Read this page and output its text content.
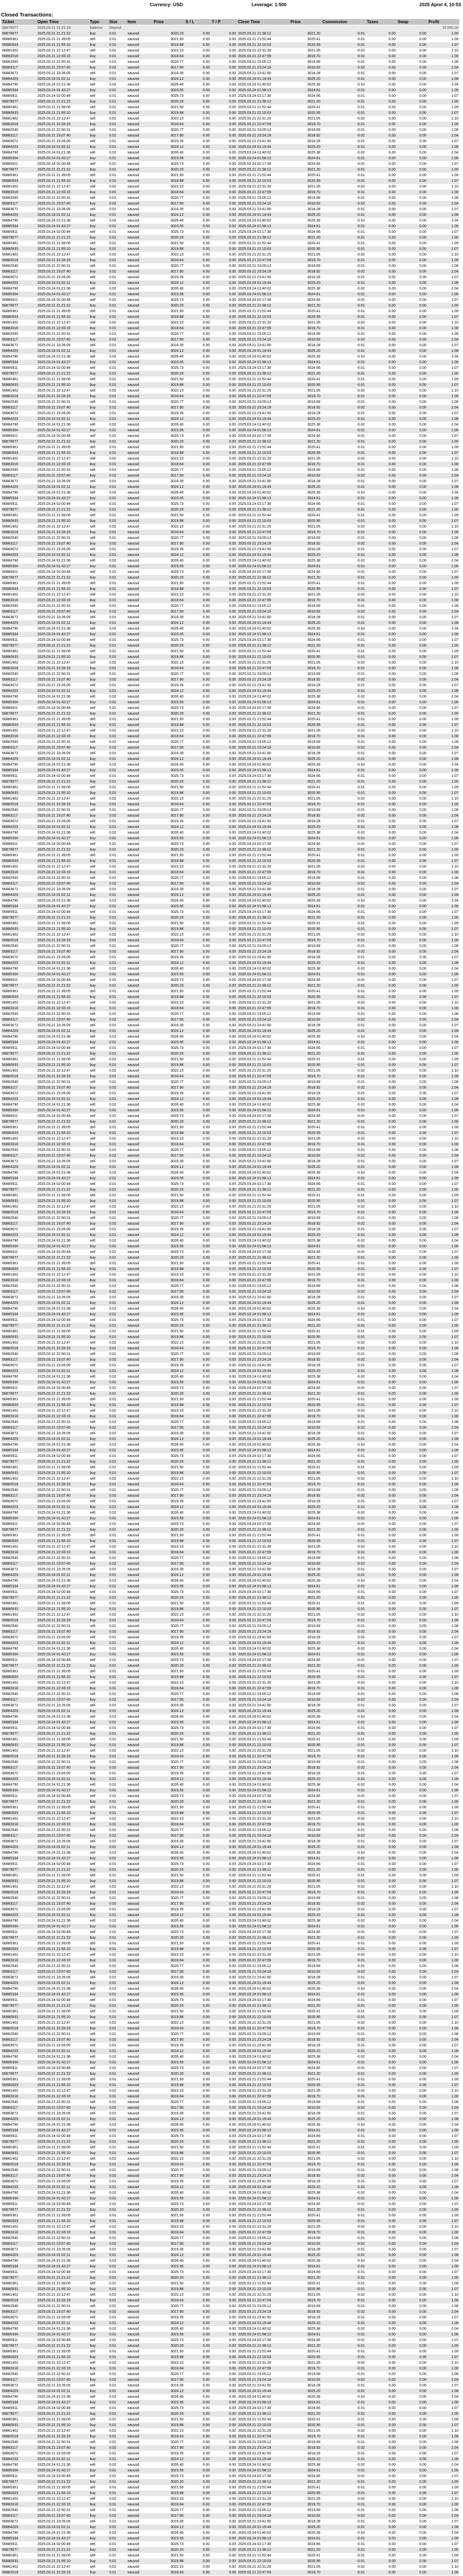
Currency: USD	Leverage: 1:500	2025 Aprel 4, 10:53
Closed Transactions:
Ticket	Open Time	Type	Size	Item	Price	S / L	T / P	Close Time	Price	Commission	Taxes	Swap	Profit
56879577	2025.03.21 21:21:19	balance	Deposit										10 000.00
56879577	2025.03.21 21:21:22	buy	0.01	xauusd	3020.20	0.00	0.00	2025.03.21 21:38:12	3021.20	-0.01	0.00	0.00	1.00
56880361	2025.03.21 21:39:05	sell	0.01	xauusd	3021.50	0.00	0.00	2025.03.21 21:52:44	3020.41	-0.01	0.00	0.00	1.09
56880933	2025.03.21 21:55:10	buy	0.01	xauusd	3019.88	0.00	0.00	2025.03.21 22:10:03	3020.95	-0.01	0.00	0.00	1.07
56881402	2025.03.21 22:12:47	sell	0.02	xauusd	3022.10	0.00	0.00	2025.03.21 22:31:20	3021.05	-0.02	0.00	0.00	2.10
56882018	2025.03.21 22:33:15	buy	0.01	xauusd	3018.64	0.00	0.00	2025.03.21 22:47:59	3019.70	-0.01	0.00	0.00	1.06
56882540	2025.03.21 22:50:31	sell	0.01	xauusd	3020.77	0.00	0.00	2025.03.21 23:05:12	3019.69	-0.01	0.00	0.00	1.08
56883117	2025.03.21 23:07:40	buy	0.02	xauusd	3017.90	0.00	0.00	2025.03.21 23:24:18	3018.92	-0.02	0.00	0.00	2.04
56883672	2025.03.21 23:26:05	sell	0.01	xauusd	3019.35	0.00	0.00	2025.03.21 23:41:50	3018.28	-0.01	0.00	0.00	1.07
56884203	2025.03.24 01:02:11	buy	0.01	xauusd	3024.12	0.00	0.00	2025.03.24 01:19:44	3025.20	-0.01	0.00	0.00	1.08
56884790	2025.03.24 01:21:36	sell	0.02	xauusd	3026.40	0.00	0.00	2025.03.24 01:40:02	3025.38	-0.02	0.00	0.00	2.04
56885334	2025.03.24 01:42:27	buy	0.01	xauusd	3023.55	0.00	0.00	2025.03.24 01:58:13	3024.61	-0.01	0.00	0.00	1.06
56885911	2025.03.24 02:00:48	sell	0.01	xauusd	3025.73	0.00	0.00	2025.03.24 02:17:30	3024.66	-0.01	0.00	0.00	1.07
56879577	2025.03.21 21:21:22	buy	0.01	xauusd	3020.20	0.00	0.00	2025.03.21 21:38:12	3021.20	-0.01	0.00	0.00	1.00
56880361	2025.03.21 21:39:05	sell	0.01	xauusd	3021.50	0.00	0.00	2025.03.21 21:52:44	3020.41	-0.01	0.00	0.00	1.09
56880933	2025.03.21 21:55:10	buy	0.01	xauusd	3019.88	0.00	0.00	2025.03.21 22:10:03	3020.95	-0.01	0.00	0.00	1.07
56881402	2025.03.21 22:12:47	sell	0.02	xauusd	3022.10	0.00	0.00	2025.03.21 22:31:20	3021.05	-0.02	0.00	0.00	2.10
56882018	2025.03.21 22:33:15	buy	0.01	xauusd	3018.64	0.00	0.00	2025.03.21 22:47:59	3019.70	-0.01	0.00	0.00	1.06
56882540	2025.03.21 22:50:31	sell	0.01	xauusd	3020.77	0.00	0.00	2025.03.21 23:05:12	3019.69	-0.01	0.00	0.00	1.08
56883117	2025.03.21 23:07:40	buy	0.02	xauusd	3017.90	0.00	0.00	2025.03.21 23:24:18	3018.92	-0.02	0.00	0.00	2.04
56883672	2025.03.21 23:26:05	sell	0.01	xauusd	3019.35	0.00	0.00	2025.03.21 23:41:50	3018.28	-0.01	0.00	0.00	1.07
56884203	2025.03.24 01:02:11	buy	0.01	xauusd	3024.12	0.00	0.00	2025.03.24 01:19:44	3025.20	-0.01	0.00	0.00	1.08
56884790	2025.03.24 01:21:36	sell	0.02	xauusd	3026.40	0.00	0.00	2025.03.24 01:40:02	3025.38	-0.02	0.00	0.00	2.04
56885334	2025.03.24 01:42:27	buy	0.01	xauusd	3023.55	0.00	0.00	2025.03.24 01:58:13	3024.61	-0.01	0.00	0.00	1.06
56885911	2025.03.24 02:00:48	sell	0.01	xauusd	3025.73	0.00	0.00	2025.03.24 02:17:30	3024.66	-0.01	0.00	0.00	1.07
56879577	2025.03.21 21:21:22	buy	0.01	xauusd	3020.20	0.00	0.00	2025.03.21 21:38:12	3021.20	-0.01	0.00	0.00	1.00
56880361	2025.03.21 21:39:05	sell	0.01	xauusd	3021.50	0.00	0.00	2025.03.21 21:52:44	3020.41	-0.01	0.00	0.00	1.09
56880933	2025.03.21 21:55:10	buy	0.01	xauusd	3019.88	0.00	0.00	2025.03.21 22:10:03	3020.95	-0.01	0.00	0.00	1.07
56881402	2025.03.21 22:12:47	sell	0.02	xauusd	3022.10	0.00	0.00	2025.03.21 22:31:20	3021.05	-0.02	0.00	0.00	2.10
56882018	2025.03.21 22:33:15	buy	0.01	xauusd	3018.64	0.00	0.00	2025.03.21 22:47:59	3019.70	-0.01	0.00	0.00	1.06
56882540	2025.03.21 22:50:31	sell	0.01	xauusd	3020.77	0.00	0.00	2025.03.21 23:05:12	3019.69	-0.01	0.00	0.00	1.08
56883117	2025.03.21 23:07:40	buy	0.02	xauusd	3017.90	0.00	0.00	2025.03.21 23:24:18	3018.92	-0.02	0.00	0.00	2.04
56883672	2025.03.21 23:26:05	sell	0.01	xauusd	3019.35	0.00	0.00	2025.03.21 23:41:50	3018.28	-0.01	0.00	0.00	1.07
56884203	2025.03.24 01:02:11	buy	0.01	xauusd	3024.12	0.00	0.00	2025.03.24 01:19:44	3025.20	-0.01	0.00	0.00	1.08
56884790	2025.03.24 01:21:36	sell	0.02	xauusd	3026.40	0.00	0.00	2025.03.24 01:40:02	3025.38	-0.02	0.00	0.00	2.04
56885334	2025.03.24 01:42:27	buy	0.01	xauusd	3023.55	0.00	0.00	2025.03.24 01:58:13	3024.61	-0.01	0.00	0.00	1.06
56885911	2025.03.24 02:00:48	sell	0.01	xauusd	3025.73	0.00	0.00	2025.03.24 02:17:30	3024.66	-0.01	0.00	0.00	1.07
56879577	2025.03.21 21:21:22	buy	0.01	xauusd	3020.20	0.00	0.00	2025.03.21 21:38:12	3021.20	-0.01	0.00	0.00	1.00
56880361	2025.03.21 21:39:05	sell	0.01	xauusd	3021.50	0.00	0.00	2025.03.21 21:52:44	3020.41	-0.01	0.00	0.00	1.09
56880933	2025.03.21 21:55:10	buy	0.01	xauusd	3019.88	0.00	0.00	2025.03.21 22:10:03	3020.95	-0.01	0.00	0.00	1.07
56881402	2025.03.21 22:12:47	sell	0.02	xauusd	3022.10	0.00	0.00	2025.03.21 22:31:20	3021.05	-0.02	0.00	0.00	2.10
56882018	2025.03.21 22:33:15	buy	0.01	xauusd	3018.64	0.00	0.00	2025.03.21 22:47:59	3019.70	-0.01	0.00	0.00	1.06
56882540	2025.03.21 22:50:31	sell	0.01	xauusd	3020.77	0.00	0.00	2025.03.21 23:05:12	3019.69	-0.01	0.00	0.00	1.08
56883117	2025.03.21 23:07:40	buy	0.02	xauusd	3017.90	0.00	0.00	2025.03.21 23:24:18	3018.92	-0.02	0.00	0.00	2.04
56883672	2025.03.21 23:26:05	sell	0.01	xauusd	3019.35	0.00	0.00	2025.03.21 23:41:50	3018.28	-0.01	0.00	0.00	1.07
56884203	2025.03.24 01:02:11	buy	0.01	xauusd	3024.12	0.00	0.00	2025.03.24 01:19:44	3025.20	-0.01	0.00	0.00	1.08
56884790	2025.03.24 01:21:36	sell	0.02	xauusd	3026.40	0.00	0.00	2025.03.24 01:40:02	3025.38	-0.02	0.00	0.00	2.04
56885334	2025.03.24 01:42:27	buy	0.01	xauusd	3023.55	0.00	0.00	2025.03.24 01:58:13	3024.61	-0.01	0.00	0.00	1.06
56885911	2025.03.24 02:00:48	sell	0.01	xauusd	3025.73	0.00	0.00	2025.03.24 02:17:30	3024.66	-0.01	0.00	0.00	1.07
56879577	2025.03.21 21:21:22	buy	0.01	xauusd	3020.20	0.00	0.00	2025.03.21 21:38:12	3021.20	-0.01	0.00	0.00	1.00
56880361	2025.03.21 21:39:05	sell	0.01	xauusd	3021.50	0.00	0.00	2025.03.21 21:52:44	3020.41	-0.01	0.00	0.00	1.09
56880933	2025.03.21 21:55:10	buy	0.01	xauusd	3019.88	0.00	0.00	2025.03.21 22:10:03	3020.95	-0.01	0.00	0.00	1.07
56881402	2025.03.21 22:12:47	sell	0.02	xauusd	3022.10	0.00	0.00	2025.03.21 22:31:20	3021.05	-0.02	0.00	0.00	2.10
56882018	2025.03.21 22:33:15	buy	0.01	xauusd	3018.64	0.00	0.00	2025.03.21 22:47:59	3019.70	-0.01	0.00	0.00	1.06
56882540	2025.03.21 22:50:31	sell	0.01	xauusd	3020.77	0.00	0.00	2025.03.21 23:05:12	3019.69	-0.01	0.00	0.00	1.08
56883117	2025.03.21 23:07:40	buy	0.02	xauusd	3017.90	0.00	0.00	2025.03.21 23:24:18	3018.92	-0.02	0.00	0.00	2.04
56883672	2025.03.21 23:26:05	sell	0.01	xauusd	3019.35	0.00	0.00	2025.03.21 23:41:50	3018.28	-0.01	0.00	0.00	1.07
56884203	2025.03.24 01:02:11	buy	0.01	xauusd	3024.12	0.00	0.00	2025.03.24 01:19:44	3025.20	-0.01	0.00	0.00	1.08
56884790	2025.03.24 01:21:36	sell	0.02	xauusd	3026.40	0.00	0.00	2025.03.24 01:40:02	3025.38	-0.02	0.00	0.00	2.04
56885334	2025.03.24 01:42:27	buy	0.01	xauusd	3023.55	0.00	0.00	2025.03.24 01:58:13	3024.61	-0.01	0.00	0.00	1.06
56885911	2025.03.24 02:00:48	sell	0.01	xauusd	3025.73	0.00	0.00	2025.03.24 02:17:30	3024.66	-0.01	0.00	0.00	1.07
56879577	2025.03.21 21:21:22	buy	0.01	xauusd	3020.20	0.00	0.00	2025.03.21 21:38:12	3021.20	-0.01	0.00	0.00	1.00
56880361	2025.03.21 21:39:05	sell	0.01	xauusd	3021.50	0.00	0.00	2025.03.21 21:52:44	3020.41	-0.01	0.00	0.00	1.09
56880933	2025.03.21 21:55:10	buy	0.01	xauusd	3019.88	0.00	0.00	2025.03.21 22:10:03	3020.95	-0.01	0.00	0.00	1.07
56881402	2025.03.21 22:12:47	sell	0.02	xauusd	3022.10	0.00	0.00	2025.03.21 22:31:20	3021.05	-0.02	0.00	0.00	2.10
56882018	2025.03.21 22:33:15	buy	0.01	xauusd	3018.64	0.00	0.00	2025.03.21 22:47:59	3019.70	-0.01	0.00	0.00	1.06
56882540	2025.03.21 22:50:31	sell	0.01	xauusd	3020.77	0.00	0.00	2025.03.21 23:05:12	3019.69	-0.01	0.00	0.00	1.08
56883117	2025.03.21 23:07:40	buy	0.02	xauusd	3017.90	0.00	0.00	2025.03.21 23:24:18	3018.92	-0.02	0.00	0.00	2.04
56883672	2025.03.21 23:26:05	sell	0.01	xauusd	3019.35	0.00	0.00	2025.03.21 23:41:50	3018.28	-0.01	0.00	0.00	1.07
56884203	2025.03.24 01:02:11	buy	0.01	xauusd	3024.12	0.00	0.00	2025.03.24 01:19:44	3025.20	-0.01	0.00	0.00	1.08
56884790	2025.03.24 01:21:36	sell	0.02	xauusd	3026.40	0.00	0.00	2025.03.24 01:40:02	3025.38	-0.02	0.00	0.00	2.04
56885334	2025.03.24 01:42:27	buy	0.01	xauusd	3023.55	0.00	0.00	2025.03.24 01:58:13	3024.61	-0.01	0.00	0.00	1.06
56885911	2025.03.24 02:00:48	sell	0.01	xauusd	3025.73	0.00	0.00	2025.03.24 02:17:30	3024.66	-0.01	0.00	0.00	1.07
56879577	2025.03.21 21:21:22	buy	0.01	xauusd	3020.20	0.00	0.00	2025.03.21 21:38:12	3021.20	-0.01	0.00	0.00	1.00
56880361	2025.03.21 21:39:05	sell	0.01	xauusd	3021.50	0.00	0.00	2025.03.21 21:52:44	3020.41	-0.01	0.00	0.00	1.09
56880933	2025.03.21 21:55:10	buy	0.01	xauusd	3019.88	0.00	0.00	2025.03.21 22:10:03	3020.95	-0.01	0.00	0.00	1.07
56881402	2025.03.21 22:12:47	sell	0.02	xauusd	3022.10	0.00	0.00	2025.03.21 22:31:20	3021.05	-0.02	0.00	0.00	2.10
56882018	2025.03.21 22:33:15	buy	0.01	xauusd	3018.64	0.00	0.00	2025.03.21 22:47:59	3019.70	-0.01	0.00	0.00	1.06
56882540	2025.03.21 22:50:31	sell	0.01	xauusd	3020.77	0.00	0.00	2025.03.21 23:05:12	3019.69	-0.01	0.00	0.00	1.08
56883117	2025.03.21 23:07:40	buy	0.02	xauusd	3017.90	0.00	0.00	2025.03.21 23:24:18	3018.92	-0.02	0.00	0.00	2.04
56883672	2025.03.21 23:26:05	sell	0.01	xauusd	3019.35	0.00	0.00	2025.03.21 23:41:50	3018.28	-0.01	0.00	0.00	1.07
56884203	2025.03.24 01:02:11	buy	0.01	xauusd	3024.12	0.00	0.00	2025.03.24 01:19:44	3025.20	-0.01	0.00	0.00	1.08
56884790	2025.03.24 01:21:36	sell	0.02	xauusd	3026.40	0.00	0.00	2025.03.24 01:40:02	3025.38	-0.02	0.00	0.00	2.04
56885334	2025.03.24 01:42:27	buy	0.01	xauusd	3023.55	0.00	0.00	2025.03.24 01:58:13	3024.61	-0.01	0.00	0.00	1.06
56885911	2025.03.24 02:00:48	sell	0.01	xauusd	3025.73	0.00	0.00	2025.03.24 02:17:30	3024.66	-0.01	0.00	0.00	1.07
56879577	2025.03.21 21:21:22	buy	0.01	xauusd	3020.20	0.00	0.00	2025.03.21 21:38:12	3021.20	-0.01	0.00	0.00	1.00
56880361	2025.03.21 21:39:05	sell	0.01	xauusd	3021.50	0.00	0.00	2025.03.21 21:52:44	3020.41	-0.01	0.00	0.00	1.09
56880933	2025.03.21 21:55:10	buy	0.01	xauusd	3019.88	0.00	0.00	2025.03.21 22:10:03	3020.95	-0.01	0.00	0.00	1.07
56881402	2025.03.21 22:12:47	sell	0.02	xauusd	3022.10	0.00	0.00	2025.03.21 22:31:20	3021.05	-0.02	0.00	0.00	2.10
56882018	2025.03.21 22:33:15	buy	0.01	xauusd	3018.64	0.00	0.00	2025.03.21 22:47:59	3019.70	-0.01	0.00	0.00	1.06
56882540	2025.03.21 22:50:31	sell	0.01	xauusd	3020.77	0.00	0.00	2025.03.21 23:05:12	3019.69	-0.01	0.00	0.00	1.08
56883117	2025.03.21 23:07:40	buy	0.02	xauusd	3017.90	0.00	0.00	2025.03.21 23:24:18	3018.92	-0.02	0.00	0.00	2.04
56883672	2025.03.21 23:26:05	sell	0.01	xauusd	3019.35	0.00	0.00	2025.03.21 23:41:50	3018.28	-0.01	0.00	0.00	1.07
56884203	2025.03.24 01:02:11	buy	0.01	xauusd	3024.12	0.00	0.00	2025.03.24 01:19:44	3025.20	-0.01	0.00	0.00	1.08
56884790	2025.03.24 01:21:36	sell	0.02	xauusd	3026.40	0.00	0.00	2025.03.24 01:40:02	3025.38	-0.02	0.00	0.00	2.04
56885334	2025.03.24 01:42:27	buy	0.01	xauusd	3023.55	0.00	0.00	2025.03.24 01:58:13	3024.61	-0.01	0.00	0.00	1.06
56885911	2025.03.24 02:00:48	sell	0.01	xauusd	3025.73	0.00	0.00	2025.03.24 02:17:30	3024.66	-0.01	0.00	0.00	1.07
56879577	2025.03.21 21:21:22	buy	0.01	xauusd	3020.20	0.00	0.00	2025.03.21 21:38:12	3021.20	-0.01	0.00	0.00	1.00
56880361	2025.03.21 21:39:05	sell	0.01	xauusd	3021.50	0.00	0.00	2025.03.21 21:52:44	3020.41	-0.01	0.00	0.00	1.09
56880933	2025.03.21 21:55:10	buy	0.01	xauusd	3019.88	0.00	0.00	2025.03.21 22:10:03	3020.95	-0.01	0.00	0.00	1.07
56881402	2025.03.21 22:12:47	sell	0.02	xauusd	3022.10	0.00	0.00	2025.03.21 22:31:20	3021.05	-0.02	0.00	0.00	2.10
56882018	2025.03.21 22:33:15	buy	0.01	xauusd	3018.64	0.00	0.00	2025.03.21 22:47:59	3019.70	-0.01	0.00	0.00	1.06
56882540	2025.03.21 22:50:31	sell	0.01	xauusd	3020.77	0.00	0.00	2025.03.21 23:05:12	3019.69	-0.01	0.00	0.00	1.08
56883117	2025.03.21 23:07:40	buy	0.02	xauusd	3017.90	0.00	0.00	2025.03.21 23:24:18	3018.92	-0.02	0.00	0.00	2.04
56883672	2025.03.21 23:26:05	sell	0.01	xauusd	3019.35	0.00	0.00	2025.03.21 23:41:50	3018.28	-0.01	0.00	0.00	1.07
56884203	2025.03.24 01:02:11	buy	0.01	xauusd	3024.12	0.00	0.00	2025.03.24 01:19:44	3025.20	-0.01	0.00	0.00	1.08
56884790	2025.03.24 01:21:36	sell	0.02	xauusd	3026.40	0.00	0.00	2025.03.24 01:40:02	3025.38	-0.02	0.00	0.00	2.04
56885334	2025.03.24 01:42:27	buy	0.01	xauusd	3023.55	0.00	0.00	2025.03.24 01:58:13	3024.61	-0.01	0.00	0.00	1.06
56885911	2025.03.24 02:00:48	sell	0.01	xauusd	3025.73	0.00	0.00	2025.03.24 02:17:30	3024.66	-0.01	0.00	0.00	1.07
56879577	2025.03.21 21:21:22	buy	0.01	xauusd	3020.20	0.00	0.00	2025.03.21 21:38:12	3021.20	-0.01	0.00	0.00	1.00
56880361	2025.03.21 21:39:05	sell	0.01	xauusd	3021.50	0.00	0.00	2025.03.21 21:52:44	3020.41	-0.01	0.00	0.00	1.09
56880933	2025.03.21 21:55:10	buy	0.01	xauusd	3019.88	0.00	0.00	2025.03.21 22:10:03	3020.95	-0.01	0.00	0.00	1.07
56881402	2025.03.21 22:12:47	sell	0.02	xauusd	3022.10	0.00	0.00	2025.03.21 22:31:20	3021.05	-0.02	0.00	0.00	2.10
56882018	2025.03.21 22:33:15	buy	0.01	xauusd	3018.64	0.00	0.00	2025.03.21 22:47:59	3019.70	-0.01	0.00	0.00	1.06
56882540	2025.03.21 22:50:31	sell	0.01	xauusd	3020.77	0.00	0.00	2025.03.21 23:05:12	3019.69	-0.01	0.00	0.00	1.08
56883117	2025.03.21 23:07:40	buy	0.02	xauusd	3017.90	0.00	0.00	2025.03.21 23:24:18	3018.92	-0.02	0.00	0.00	2.04
56883672	2025.03.21 23:26:05	sell	0.01	xauusd	3019.35	0.00	0.00	2025.03.21 23:41:50	3018.28	-0.01	0.00	0.00	1.07
56884203	2025.03.24 01:02:11	buy	0.01	xauusd	3024.12	0.00	0.00	2025.03.24 01:19:44	3025.20	-0.01	0.00	0.00	1.08
56884790	2025.03.24 01:21:36	sell	0.02	xauusd	3026.40	0.00	0.00	2025.03.24 01:40:02	3025.38	-0.02	0.00	0.00	2.04
56885334	2025.03.24 01:42:27	buy	0.01	xauusd	3023.55	0.00	0.00	2025.03.24 01:58:13	3024.61	-0.01	0.00	0.00	1.06
56885911	2025.03.24 02:00:48	sell	0.01	xauusd	3025.73	0.00	0.00	2025.03.24 02:17:30	3024.66	-0.01	0.00	0.00	1.07
56879577	2025.03.21 21:21:22	buy	0.01	xauusd	3020.20	0.00	0.00	2025.03.21 21:38:12	3021.20	-0.01	0.00	0.00	1.00
56880361	2025.03.21 21:39:05	sell	0.01	xauusd	3021.50	0.00	0.00	2025.03.21 21:52:44	3020.41	-0.01	0.00	0.00	1.09
56880933	2025.03.21 21:55:10	buy	0.01	xauusd	3019.88	0.00	0.00	2025.03.21 22:10:03	3020.95	-0.01	0.00	0.00	1.07
56881402	2025.03.21 22:12:47	sell	0.02	xauusd	3022.10	0.00	0.00	2025.03.21 22:31:20	3021.05	-0.02	0.00	0.00	2.10
56882018	2025.03.21 22:33:15	buy	0.01	xauusd	3018.64	0.00	0.00	2025.03.21 22:47:59	3019.70	-0.01	0.00	0.00	1.06
56882540	2025.03.21 22:50:31	sell	0.01	xauusd	3020.77	0.00	0.00	2025.03.21 23:05:12	3019.69	-0.01	0.00	0.00	1.08
56883117	2025.03.21 23:07:40	buy	0.02	xauusd	3017.90	0.00	0.00	2025.03.21 23:24:18	3018.92	-0.02	0.00	0.00	2.04
56883672	2025.03.21 23:26:05	sell	0.01	xauusd	3019.35	0.00	0.00	2025.03.21 23:41:50	3018.28	-0.01	0.00	0.00	1.07
56884203	2025.03.24 01:02:11	buy	0.01	xauusd	3024.12	0.00	0.00	2025.03.24 01:19:44	3025.20	-0.01	0.00	0.00	1.08
56884790	2025.03.24 01:21:36	sell	0.02	xauusd	3026.40	0.00	0.00	2025.03.24 01:40:02	3025.38	-0.02	0.00	0.00	2.04
56885334	2025.03.24 01:42:27	buy	0.01	xauusd	3023.55	0.00	0.00	2025.03.24 01:58:13	3024.61	-0.01	0.00	0.00	1.06
56885911	2025.03.24 02:00:48	sell	0.01	xauusd	3025.73	0.00	0.00	2025.03.24 02:17:30	3024.66	-0.01	0.00	0.00	1.07
56879577	2025.03.21 21:21:22	buy	0.01	xauusd	3020.20	0.00	0.00	2025.03.21 21:38:12	3021.20	-0.01	0.00	0.00	1.00
56880361	2025.03.21 21:39:05	sell	0.01	xauusd	3021.50	0.00	0.00	2025.03.21 21:52:44	3020.41	-0.01	0.00	0.00	1.09
56880933	2025.03.21 21:55:10	buy	0.01	xauusd	3019.88	0.00	0.00	2025.03.21 22:10:03	3020.95	-0.01	0.00	0.00	1.07
56881402	2025.03.21 22:12:47	sell	0.02	xauusd	3022.10	0.00	0.00	2025.03.21 22:31:20	3021.05	-0.02	0.00	0.00	2.10
56882018	2025.03.21 22:33:15	buy	0.01	xauusd	3018.64	0.00	0.00	2025.03.21 22:47:59	3019.70	-0.01	0.00	0.00	1.06
56882540	2025.03.21 22:50:31	sell	0.01	xauusd	3020.77	0.00	0.00	2025.03.21 23:05:12	3019.69	-0.01	0.00	0.00	1.08
56883117	2025.03.21 23:07:40	buy	0.02	xauusd	3017.90	0.00	0.00	2025.03.21 23:24:18	3018.92	-0.02	0.00	0.00	2.04
56883672	2025.03.21 23:26:05	sell	0.01	xauusd	3019.35	0.00	0.00	2025.03.21 23:41:50	3018.28	-0.01	0.00	0.00	1.07
56884203	2025.03.24 01:02:11	buy	0.01	xauusd	3024.12	0.00	0.00	2025.03.24 01:19:44	3025.20	-0.01	0.00	0.00	1.08
56884790	2025.03.24 01:21:36	sell	0.02	xauusd	3026.40	0.00	0.00	2025.03.24 01:40:02	3025.38	-0.02	0.00	0.00	2.04
56885334	2025.03.24 01:42:27	buy	0.01	xauusd	3023.55	0.00	0.00	2025.03.24 01:58:13	3024.61	-0.01	0.00	0.00	1.06
56885911	2025.03.24 02:00:48	sell	0.01	xauusd	3025.73	0.00	0.00	2025.03.24 02:17:30	3024.66	-0.01	0.00	0.00	1.07
56879577	2025.03.21 21:21:22	buy	0.01	xauusd	3020.20	0.00	0.00	2025.03.21 21:38:12	3021.20	-0.01	0.00	0.00	1.00
56880361	2025.03.21 21:39:05	sell	0.01	xauusd	3021.50	0.00	0.00	2025.03.21 21:52:44	3020.41	-0.01	0.00	0.00	1.09
56880933	2025.03.21 21:55:10	buy	0.01	xauusd	3019.88	0.00	0.00	2025.03.21 22:10:03	3020.95	-0.01	0.00	0.00	1.07
56881402	2025.03.21 22:12:47	sell	0.02	xauusd	3022.10	0.00	0.00	2025.03.21 22:31:20	3021.05	-0.02	0.00	0.00	2.10
56882018	2025.03.21 22:33:15	buy	0.01	xauusd	3018.64	0.00	0.00	2025.03.21 22:47:59	3019.70	-0.01	0.00	0.00	1.06
56882540	2025.03.21 22:50:31	sell	0.01	xauusd	3020.77	0.00	0.00	2025.03.21 23:05:12	3019.69	-0.01	0.00	0.00	1.08
56883117	2025.03.21 23:07:40	buy	0.02	xauusd	3017.90	0.00	0.00	2025.03.21 23:24:18	3018.92	-0.02	0.00	0.00	2.04
56883672	2025.03.21 23:26:05	sell	0.01	xauusd	3019.35	0.00	0.00	2025.03.21 23:41:50	3018.28	-0.01	0.00	0.00	1.07
56884203	2025.03.24 01:02:11	buy	0.01	xauusd	3024.12	0.00	0.00	2025.03.24 01:19:44	3025.20	-0.01	0.00	0.00	1.08
56884790	2025.03.24 01:21:36	sell	0.02	xauusd	3026.40	0.00	0.00	2025.03.24 01:40:02	3025.38	-0.02	0.00	0.00	2.04
56885334	2025.03.24 01:42:27	buy	0.01	xauusd	3023.55	0.00	0.00	2025.03.24 01:58:13	3024.61	-0.01	0.00	0.00	1.06
56885911	2025.03.24 02:00:48	sell	0.01	xauusd	3025.73	0.00	0.00	2025.03.24 02:17:30	3024.66	-0.01	0.00	0.00	1.07
56879577	2025.03.21 21:21:22	buy	0.01	xauusd	3020.20	0.00	0.00	2025.03.21 21:38:12	3021.20	-0.01	0.00	0.00	1.00
56880361	2025.03.21 21:39:05	sell	0.01	xauusd	3021.50	0.00	0.00	2025.03.21 21:52:44	3020.41	-0.01	0.00	0.00	1.09
56880933	2025.03.21 21:55:10	buy	0.01	xauusd	3019.88	0.00	0.00	2025.03.21 22:10:03	3020.95	-0.01	0.00	0.00	1.07
56881402	2025.03.21 22:12:47	sell	0.02	xauusd	3022.10	0.00	0.00	2025.03.21 22:31:20	3021.05	-0.02	0.00	0.00	2.10
56882018	2025.03.21 22:33:15	buy	0.01	xauusd	3018.64	0.00	0.00	2025.03.21 22:47:59	3019.70	-0.01	0.00	0.00	1.06
56882540	2025.03.21 22:50:31	sell	0.01	xauusd	3020.77	0.00	0.00	2025.03.21 23:05:12	3019.69	-0.01	0.00	0.00	1.08
56883117	2025.03.21 23:07:40	buy	0.02	xauusd	3017.90	0.00	0.00	2025.03.21 23:24:18	3018.92	-0.02	0.00	0.00	2.04
56883672	2025.03.21 23:26:05	sell	0.01	xauusd	3019.35	0.00	0.00	2025.03.21 23:41:50	3018.28	-0.01	0.00	0.00	1.07
56884203	2025.03.24 01:02:11	buy	0.01	xauusd	3024.12	0.00	0.00	2025.03.24 01:19:44	3025.20	-0.01	0.00	0.00	1.08
56884790	2025.03.24 01:21:36	sell	0.02	xauusd	3026.40	0.00	0.00	2025.03.24 01:40:02	3025.38	-0.02	0.00	0.00	2.04
56885334	2025.03.24 01:42:27	buy	0.01	xauusd	3023.55	0.00	0.00	2025.03.24 01:58:13	3024.61	-0.01	0.00	0.00	1.06
56885911	2025.03.24 02:00:48	sell	0.01	xauusd	3025.73	0.00	0.00	2025.03.24 02:17:30	3024.66	-0.01	0.00	0.00	1.07
56879577	2025.03.21 21:21:22	buy	0.01	xauusd	3020.20	0.00	0.00	2025.03.21 21:38:12	3021.20	-0.01	0.00	0.00	1.00
56880361	2025.03.21 21:39:05	sell	0.01	xauusd	3021.50	0.00	0.00	2025.03.21 21:52:44	3020.41	-0.01	0.00	0.00	1.09
56880933	2025.03.21 21:55:10	buy	0.01	xauusd	3019.88	0.00	0.00	2025.03.21 22:10:03	3020.95	-0.01	0.00	0.00	1.07
56881402	2025.03.21 22:12:47	sell	0.02	xauusd	3022.10	0.00	0.00	2025.03.21 22:31:20	3021.05	-0.02	0.00	0.00	2.10
56882018	2025.03.21 22:33:15	buy	0.01	xauusd	3018.64	0.00	0.00	2025.03.21 22:47:59	3019.70	-0.01	0.00	0.00	1.06
56882540	2025.03.21 22:50:31	sell	0.01	xauusd	3020.77	0.00	0.00	2025.03.21 23:05:12	3019.69	-0.01	0.00	0.00	1.08
56883117	2025.03.21 23:07:40	buy	0.02	xauusd	3017.90	0.00	0.00	2025.03.21 23:24:18	3018.92	-0.02	0.00	0.00	2.04
56883672	2025.03.21 23:26:05	sell	0.01	xauusd	3019.35	0.00	0.00	2025.03.21 23:41:50	3018.28	-0.01	0.00	0.00	1.07
56884203	2025.03.24 01:02:11	buy	0.01	xauusd	3024.12	0.00	0.00	2025.03.24 01:19:44	3025.20	-0.01	0.00	0.00	1.08
56884790	2025.03.24 01:21:36	sell	0.02	xauusd	3026.40	0.00	0.00	2025.03.24 01:40:02	3025.38	-0.02	0.00	0.00	2.04
56885334	2025.03.24 01:42:27	buy	0.01	xauusd	3023.55	0.00	0.00	2025.03.24 01:58:13	3024.61	-0.01	0.00	0.00	1.06
56885911	2025.03.24 02:00:48	sell	0.01	xauusd	3025.73	0.00	0.00	2025.03.24 02:17:30	3024.66	-0.01	0.00	0.00	1.07
56879577	2025.03.21 21:21:22	buy	0.01	xauusd	3020.20	0.00	0.00	2025.03.21 21:38:12	3021.20	-0.01	0.00	0.00	1.00
56880361	2025.03.21 21:39:05	sell	0.01	xauusd	3021.50	0.00	0.00	2025.03.21 21:52:44	3020.41	-0.01	0.00	0.00	1.09
56880933	2025.03.21 21:55:10	buy	0.01	xauusd	3019.88	0.00	0.00	2025.03.21 22:10:03	3020.95	-0.01	0.00	0.00	1.07
56881402	2025.03.21 22:12:47	sell	0.02	xauusd	3022.10	0.00	0.00	2025.03.21 22:31:20	3021.05	-0.02	0.00	0.00	2.10
56882018	2025.03.21 22:33:15	buy	0.01	xauusd	3018.64	0.00	0.00	2025.03.21 22:47:59	3019.70	-0.01	0.00	0.00	1.06
56882540	2025.03.21 22:50:31	sell	0.01	xauusd	3020.77	0.00	0.00	2025.03.21 23:05:12	3019.69	-0.01	0.00	0.00	1.08
56883117	2025.03.21 23:07:40	buy	0.02	xauusd	3017.90	0.00	0.00	2025.03.21 23:24:18	3018.92	-0.02	0.00	0.00	2.04
56883672	2025.03.21 23:26:05	sell	0.01	xauusd	3019.35	0.00	0.00	2025.03.21 23:41:50	3018.28	-0.01	0.00	0.00	1.07
56884203	2025.03.24 01:02:11	buy	0.01	xauusd	3024.12	0.00	0.00	2025.03.24 01:19:44	3025.20	-0.01	0.00	0.00	1.08
56884790	2025.03.24 01:21:36	sell	0.02	xauusd	3026.40	0.00	0.00	2025.03.24 01:40:02	3025.38	-0.02	0.00	0.00	2.04
56885334	2025.03.24 01:42:27	buy	0.01	xauusd	3023.55	0.00	0.00	2025.03.24 01:58:13	3024.61	-0.01	0.00	0.00	1.06
56885911	2025.03.24 02:00:48	sell	0.01	xauusd	3025.73	0.00	0.00	2025.03.24 02:17:30	3024.66	-0.01	0.00	0.00	1.07
56879577	2025.03.21 21:21:22	buy	0.01	xauusd	3020.20	0.00	0.00	2025.03.21 21:38:12	3021.20	-0.01	0.00	0.00	1.00
56880361	2025.03.21 21:39:05	sell	0.01	xauusd	3021.50	0.00	0.00	2025.03.21 21:52:44	3020.41	-0.01	0.00	0.00	1.09
56880933	2025.03.21 21:55:10	buy	0.01	xauusd	3019.88	0.00	0.00	2025.03.21 22:10:03	3020.95	-0.01	0.00	0.00	1.07
56881402	2025.03.21 22:12:47	sell	0.02	xauusd	3022.10	0.00	0.00	2025.03.21 22:31:20	3021.05	-0.02	0.00	0.00	2.10
56882018	2025.03.21 22:33:15	buy	0.01	xauusd	3018.64	0.00	0.00	2025.03.21 22:47:59	3019.70	-0.01	0.00	0.00	1.06
56882540	2025.03.21 22:50:31	sell	0.01	xauusd	3020.77	0.00	0.00	2025.03.21 23:05:12	3019.69	-0.01	0.00	0.00	1.08
56883117	2025.03.21 23:07:40	buy	0.02	xauusd	3017.90	0.00	0.00	2025.03.21 23:24:18	3018.92	-0.02	0.00	0.00	2.04
56883672	2025.03.21 23:26:05	sell	0.01	xauusd	3019.35	0.00	0.00	2025.03.21 23:41:50	3018.28	-0.01	0.00	0.00	1.07
56884203	2025.03.24 01:02:11	buy	0.01	xauusd	3024.12	0.00	0.00	2025.03.24 01:19:44	3025.20	-0.01	0.00	0.00	1.08
56884790	2025.03.24 01:21:36	sell	0.02	xauusd	3026.40	0.00	0.00	2025.03.24 01:40:02	3025.38	-0.02	0.00	0.00	2.04
56885334	2025.03.24 01:42:27	buy	0.01	xauusd	3023.55	0.00	0.00	2025.03.24 01:58:13	3024.61	-0.01	0.00	0.00	1.06
56885911	2025.03.24 02:00:48	sell	0.01	xauusd	3025.73	0.00	0.00	2025.03.24 02:17:30	3024.66	-0.01	0.00	0.00	1.07
56879577	2025.03.21 21:21:22	buy	0.01	xauusd	3020.20	0.00	0.00	2025.03.21 21:38:12	3021.20	-0.01	0.00	0.00	1.00
56880361	2025.03.21 21:39:05	sell	0.01	xauusd	3021.50	0.00	0.00	2025.03.21 21:52:44	3020.41	-0.01	0.00	0.00	1.09
56880933	2025.03.21 21:55:10	buy	0.01	xauusd	3019.88	0.00	0.00	2025.03.21 22:10:03	3020.95	-0.01	0.00	0.00	1.07
56881402	2025.03.21 22:12:47	sell	0.02	xauusd	3022.10	0.00	0.00	2025.03.21 22:31:20	3021.05	-0.02	0.00	0.00	2.10
56882018	2025.03.21 22:33:15	buy	0.01	xauusd	3018.64	0.00	0.00	2025.03.21 22:47:59	3019.70	-0.01	0.00	0.00	1.06
56882540	2025.03.21 22:50:31	sell	0.01	xauusd	3020.77	0.00	0.00	2025.03.21 23:05:12	3019.69	-0.01	0.00	0.00	1.08
56883117	2025.03.21 23:07:40	buy	0.02	xauusd	3017.90	0.00	0.00	2025.03.21 23:24:18	3018.92	-0.02	0.00	0.00	2.04
56883672	2025.03.21 23:26:05	sell	0.01	xauusd	3019.35	0.00	0.00	2025.03.21 23:41:50	3018.28	-0.01	0.00	0.00	1.07
56884203	2025.03.24 01:02:11	buy	0.01	xauusd	3024.12	0.00	0.00	2025.03.24 01:19:44	3025.20	-0.01	0.00	0.00	1.08
56884790	2025.03.24 01:21:36	sell	0.02	xauusd	3026.40	0.00	0.00	2025.03.24 01:40:02	3025.38	-0.02	0.00	0.00	2.04
56885334	2025.03.24 01:42:27	buy	0.01	xauusd	3023.55	0.00	0.00	2025.03.24 01:58:13	3024.61	-0.01	0.00	0.00	1.06
56885911	2025.03.24 02:00:48	sell	0.01	xauusd	3025.73	0.00	0.00	2025.03.24 02:17:30	3024.66	-0.01	0.00	0.00	1.07
56879577	2025.03.21 21:21:22	buy	0.01	xauusd	3020.20	0.00	0.00	2025.03.21 21:38:12	3021.20	-0.01	0.00	0.00	1.00
56880361	2025.03.21 21:39:05	sell	0.01	xauusd	3021.50	0.00	0.00	2025.03.21 21:52:44	3020.41	-0.01	0.00	0.00	1.09
56880933	2025.03.21 21:55:10	buy	0.01	xauusd	3019.88	0.00	0.00	2025.03.21 22:10:03	3020.95	-0.01	0.00	0.00	1.07
56881402	2025.03.21 22:12:47	sell	0.02	xauusd	3022.10	0.00	0.00	2025.03.21 22:31:20	3021.05	-0.02	0.00	0.00	2.10
56882018	2025.03.21 22:33:15	buy	0.01	xauusd	3018.64	0.00	0.00	2025.03.21 22:47:59	3019.70	-0.01	0.00	0.00	1.06
56882540	2025.03.21 22:50:31	sell	0.01	xauusd	3020.77	0.00	0.00	2025.03.21 23:05:12	3019.69	-0.01	0.00	0.00	1.08
56883117	2025.03.21 23:07:40	buy	0.02	xauusd	3017.90	0.00	0.00	2025.03.21 23:24:18	3018.92	-0.02	0.00	0.00	2.04
56883672	2025.03.21 23:26:05	sell	0.01	xauusd	3019.35	0.00	0.00	2025.03.21 23:41:50	3018.28	-0.01	0.00	0.00	1.07
56884203	2025.03.24 01:02:11	buy	0.01	xauusd	3024.12	0.00	0.00	2025.03.24 01:19:44	3025.20	-0.01	0.00	0.00	1.08
56884790	2025.03.24 01:21:36	sell	0.02	xauusd	3026.40	0.00	0.00	2025.03.24 01:40:02	3025.38	-0.02	0.00	0.00	2.04
56885334	2025.03.24 01:42:27	buy	0.01	xauusd	3023.55	0.00	0.00	2025.03.24 01:58:13	3024.61	-0.01	0.00	0.00	1.06
56885911	2025.03.24 02:00:48	sell	0.01	xauusd	3025.73	0.00	0.00	2025.03.24 02:17:30	3024.66	-0.01	0.00	0.00	1.07
56879577	2025.03.21 21:21:22	buy	0.01	xauusd	3020.20	0.00	0.00	2025.03.21 21:38:12	3021.20	-0.01	0.00	0.00	1.00
56880361	2025.03.21 21:39:05	sell	0.01	xauusd	3021.50	0.00	0.00	2025.03.21 21:52:44	3020.41	-0.01	0.00	0.00	1.09
56880933	2025.03.21 21:55:10	buy	0.01	xauusd	3019.88	0.00	0.00	2025.03.21 22:10:03	3020.95	-0.01	0.00	0.00	1.07
56881402	2025.03.21 22:12:47	sell	0.02	xauusd	3022.10	0.00	0.00	2025.03.21 22:31:20	3021.05	-0.02	0.00	0.00	2.10
56882018	2025.03.21 22:33:15	buy	0.01	xauusd	3018.64	0.00	0.00	2025.03.21 22:47:59	3019.70	-0.01	0.00	0.00	1.06
56882540	2025.03.21 22:50:31	sell	0.01	xauusd	3020.77	0.00	0.00	2025.03.21 23:05:12	3019.69	-0.01	0.00	0.00	1.08
56883117	2025.03.21 23:07:40	buy	0.02	xauusd	3017.90	0.00	0.00	2025.03.21 23:24:18	3018.92	-0.02	0.00	0.00	2.04
56883672	2025.03.21 23:26:05	sell	0.01	xauusd	3019.35	0.00	0.00	2025.03.21 23:41:50	3018.28	-0.01	0.00	0.00	1.07
56884203	2025.03.24 01:02:11	buy	0.01	xauusd	3024.12	0.00	0.00	2025.03.24 01:19:44	3025.20	-0.01	0.00	0.00	1.08
56884790	2025.03.24 01:21:36	sell	0.02	xauusd	3026.40	0.00	0.00	2025.03.24 01:40:02	3025.38	-0.02	0.00	0.00	2.04
56885334	2025.03.24 01:42:27	buy	0.01	xauusd	3023.55	0.00	0.00	2025.03.24 01:58:13	3024.61	-0.01	0.00	0.00	1.06
56885911	2025.03.24 02:00:48	sell	0.01	xauusd	3025.73	0.00	0.00	2025.03.24 02:17:30	3024.66	-0.01	0.00	0.00	1.07
56879577	2025.03.21 21:21:22	buy	0.01	xauusd	3020.20	0.00	0.00	2025.03.21 21:38:12	3021.20	-0.01	0.00	0.00	1.00
56880361	2025.03.21 21:39:05	sell	0.01	xauusd	3021.50	0.00	0.00	2025.03.21 21:52:44	3020.41	-0.01	0.00	0.00	1.09
56880933	2025.03.21 21:55:10	buy	0.01	xauusd	3019.88	0.00	0.00	2025.03.21 22:10:03	3020.95	-0.01	0.00	0.00	1.07
56881402	2025.03.21 22:12:47	sell	0.02	xauusd	3022.10	0.00	0.00	2025.03.21 22:31:20	3021.05	-0.02	0.00	0.00	2.10
56882018	2025.03.21 22:33:15	buy	0.01	xauusd	3018.64	0.00	0.00	2025.03.21 22:47:59	3019.70	-0.01	0.00	0.00	1.06
56882540	2025.03.21 22:50:31	sell	0.01	xauusd	3020.77	0.00	0.00	2025.03.21 23:05:12	3019.69	-0.01	0.00	0.00	1.08
56883117	2025.03.21 23:07:40	buy	0.02	xauusd	3017.90	0.00	0.00	2025.03.21 23:24:18	3018.92	-0.02	0.00	0.00	2.04
56883672	2025.03.21 23:26:05	sell	0.01	xauusd	3019.35	0.00	0.00	2025.03.21 23:41:50	3018.28	-0.01	0.00	0.00	1.07
56884203	2025.03.24 01:02:11	buy	0.01	xauusd	3024.12	0.00	0.00	2025.03.24 01:19:44	3025.20	-0.01	0.00	0.00	1.08
56884790	2025.03.24 01:21:36	sell	0.02	xauusd	3026.40	0.00	0.00	2025.03.24 01:40:02	3025.38	-0.02	0.00	0.00	2.04
56885334	2025.03.24 01:42:27	buy	0.01	xauusd	3023.55	0.00	0.00	2025.03.24 01:58:13	3024.61	-0.01	0.00	0.00	1.06
56885911	2025.03.24 02:00:48	sell	0.01	xauusd	3025.73	0.00	0.00	2025.03.24 02:17:30	3024.66	-0.01	0.00	0.00	1.07
56879577	2025.03.21 21:21:22	buy	0.01	xauusd	3020.20	0.00	0.00	2025.03.21 21:38:12	3021.20	-0.01	0.00	0.00	1.00
56880361	2025.03.21 21:39:05	sell	0.01	xauusd	3021.50	0.00	0.00	2025.03.21 21:52:44	3020.41	-0.01	0.00	0.00	1.09
56880933	2025.03.21 21:55:10	buy	0.01	xauusd	3019.88	0.00	0.00	2025.03.21 22:10:03	3020.95	-0.01	0.00	0.00	1.07
56881402	2025.03.21 22:12:47	sell	0.02	xauusd	3022.10	0.00	0.00	2025.03.21 22:31:20	3021.05	-0.02	0.00	0.00	2.10
56882018	2025.03.21 22:33:15	buy	0.01	xauusd	3018.64	0.00	0.00	2025.03.21 22:47:59	3019.70	-0.01	0.00	0.00	1.06
56882540	2025.03.21 22:50:31	sell	0.01	xauusd	3020.77	0.00	0.00	2025.03.21 23:05:12	3019.69	-0.01	0.00	0.00	1.08
56883117	2025.03.21 23:07:40	buy	0.02	xauusd	3017.90	0.00	0.00	2025.03.21 23:24:18	3018.92	-0.02	0.00	0.00	2.04
56883672	2025.03.21 23:26:05	sell	0.01	xauusd	3019.35	0.00	0.00	2025.03.21 23:41:50	3018.28	-0.01	0.00	0.00	1.07
56884203	2025.03.24 01:02:11	buy	0.01	xauusd	3024.12	0.00	0.00	2025.03.24 01:19:44	3025.20	-0.01	0.00	0.00	1.08
56884790	2025.03.24 01:21:36	sell	0.02	xauusd	3026.40	0.00	0.00	2025.03.24 01:40:02	3025.38	-0.02	0.00	0.00	2.04
56885334	2025.03.24 01:42:27	buy	0.01	xauusd	3023.55	0.00	0.00	2025.03.24 01:58:13	3024.61	-0.01	0.00	0.00	1.06
56885911	2025.03.24 02:00:48	sell	0.01	xauusd	3025.73	0.00	0.00	2025.03.24 02:17:30	3024.66	-0.01	0.00	0.00	1.07
56879577	2025.03.21 21:21:22	buy	0.01	xauusd	3020.20	0.00	0.00	2025.03.21 21:38:12	3021.20	-0.01	0.00	0.00	1.00
56880361	2025.03.21 21:39:05	sell	0.01	xauusd	3021.50	0.00	0.00	2025.03.21 21:52:44	3020.41	-0.01	0.00	0.00	1.09
56880933	2025.03.21 21:55:10	buy	0.01	xauusd	3019.88	0.00	0.00	2025.03.21 22:10:03	3020.95	-0.01	0.00	0.00	1.07
56881402	2025.03.21 22:12:47	sell	0.02	xauusd	3022.10	0.00	0.00	2025.03.21 22:31:20	3021.05	-0.02	0.00	0.00	2.10
56882018	2025.03.21 22:33:15	buy	0.01	xauusd	3018.64	0.00	0.00	2025.03.21 22:47:59	3019.70	-0.01	0.00	0.00	1.06
56882540	2025.03.21 22:50:31	sell	0.01	xauusd	3020.77	0.00	0.00	2025.03.21 23:05:12	3019.69	-0.01	0.00	0.00	1.08
56883117	2025.03.21 23:07:40	buy	0.02	xauusd	3017.90	0.00	0.00	2025.03.21 23:24:18	3018.92	-0.02	0.00	0.00	2.04
56883672	2025.03.21 23:26:05	sell	0.01	xauusd	3019.35	0.00	0.00	2025.03.21 23:41:50	3018.28	-0.01	0.00	0.00	1.07
56884203	2025.03.24 01:02:11	buy	0.01	xauusd	3024.12	0.00	0.00	2025.03.24 01:19:44	3025.20	-0.01	0.00	0.00	1.08
56884790	2025.03.24 01:21:36	sell	0.02	xauusd	3026.40	0.00	0.00	2025.03.24 01:40:02	3025.38	-0.02	0.00	0.00	2.04
56885334	2025.03.24 01:42:27	buy	0.01	xauusd	3023.55	0.00	0.00	2025.03.24 01:58:13	3024.61	-0.01	0.00	0.00	1.06
56885911	2025.03.24 02:00:48	sell	0.01	xauusd	3025.73	0.00	0.00	2025.03.24 02:17:30	3024.66	-0.01	0.00	0.00	1.07
56879577	2025.03.21 21:21:22	buy	0.01	xauusd	3020.20	0.00	0.00	2025.03.21 21:38:12	3021.20	-0.01	0.00	0.00	1.00
56880361	2025.03.21 21:39:05	sell	0.01	xauusd	3021.50	0.00	0.00	2025.03.21 21:52:44	3020.41	-0.01	0.00	0.00	1.09
56880933	2025.03.21 21:55:10	buy	0.01	xauusd	3019.88	0.00	0.00	2025.03.21 22:10:03	3020.95	-0.01	0.00	0.00	1.07
56881402	2025.03.21 22:12:47	sell	0.02	xauusd	3022.10	0.00	0.00	2025.03.21 22:31:20	3021.05	-0.02	0.00	0.00	2.10
56882018	2025.03.21 22:33:15	buy	0.01	xauusd	3018.64	0.00	0.00	2025.03.21 22:47:59	3019.70	-0.01	0.00	0.00	1.06
56882540	2025.03.21 22:50:31	sell	0.01	xauusd	3020.77	0.00	0.00	2025.03.21 23:05:12	3019.69	-0.01	0.00	0.00	1.08
56883117	2025.03.21 23:07:40	buy	0.02	xauusd	3017.90	0.00	0.00	2025.03.21 23:24:18	3018.92	-0.02	0.00	0.00	2.04
56883672	2025.03.21 23:26:05	sell	0.01	xauusd	3019.35	0.00	0.00	2025.03.21 23:41:50	3018.28	-0.01	0.00	0.00	1.07
56884203	2025.03.24 01:02:11	buy	0.01	xauusd	3024.12	0.00	0.00	2025.03.24 01:19:44	3025.20	-0.01	0.00	0.00	1.08
56884790	2025.03.24 01:21:36	sell	0.02	xauusd	3026.40	0.00	0.00	2025.03.24 01:40:02	3025.38	-0.02	0.00	0.00	2.04
56885334	2025.03.24 01:42:27	buy	0.01	xauusd	3023.55	0.00	0.00	2025.03.24 01:58:13	3024.61	-0.01	0.00	0.00	1.06
56885911	2025.03.24 02:00:48	sell	0.01	xauusd	3025.73	0.00	0.00	2025.03.24 02:17:30	3024.66	-0.01	0.00	0.00	1.07
56879577	2025.03.21 21:21:22	buy	0.01	xauusd	3020.20	0.00	0.00	2025.03.21 21:38:12	3021.20	-0.01	0.00	0.00	1.00
56880361	2025.03.21 21:39:05	sell	0.01	xauusd	3021.50	0.00	0.00	2025.03.21 21:52:44	3020.41	-0.01	0.00	0.00	1.09
56880933	2025.03.21 21:55:10	buy	0.01	xauusd	3019.88	0.00	0.00	2025.03.21 22:10:03	3020.95	-0.01	0.00	0.00	1.07
56881402	2025.03.21 22:12:47	sell	0.02	xauusd	3022.10	0.00	0.00	2025.03.21 22:31:20	3021.05	-0.02	0.00	0.00	2.10
56882018	2025.03.21 22:33:15	buy	0.01	xauusd	3018.64	0.00	0.00	2025.03.21 22:47:59	3019.70	-0.01	0.00	0.00	1.06
56882540	2025.03.21 22:50:31	sell	0.01	xauusd	3020.77	0.00	0.00	2025.03.21 23:05:12	3019.69	-0.01	0.00	0.00	1.08
56883117	2025.03.21 23:07:40	buy	0.02	xauusd	3017.90	0.00	0.00	2025.03.21 23:24:18	3018.92	-0.02	0.00	0.00	2.04
56883672	2025.03.21 23:26:05	sell	0.01	xauusd	3019.35	0.00	0.00	2025.03.21 23:41:50	3018.28	-0.01	0.00	0.00	1.07
56884203	2025.03.24 01:02:11	buy	0.01	xauusd	3024.12	0.00	0.00	2025.03.24 01:19:44	3025.20	-0.01	0.00	0.00	1.08
56884790	2025.03.24 01:21:36	sell	0.02	xauusd	3026.40	0.00	0.00	2025.03.24 01:40:02	3025.38	-0.02	0.00	0.00	2.04
56885334	2025.03.24 01:42:27	buy	0.01	xauusd	3023.55	0.00	0.00	2025.03.24 01:58:13	3024.61	-0.01	0.00	0.00	1.06
56885911	2025.03.24 02:00:48	sell	0.01	xauusd	3025.73	0.00	0.00	2025.03.24 02:17:30	3024.66	-0.01	0.00	0.00	1.07
56879577	2025.03.21 21:21:22	buy	0.01	xauusd	3020.20	0.00	0.00	2025.03.21 21:38:12	3021.20	-0.01	0.00	0.00	1.00
56880361	2025.03.21 21:39:05	sell	0.01	xauusd	3021.50	0.00	0.00	2025.03.21 21:52:44	3020.41	-0.01	0.00	0.00	1.09
56880933	2025.03.21 21:55:10	buy	0.01	xauusd	3019.88	0.00	0.00	2025.03.21 22:10:03	3020.95	-0.01	0.00	0.00	1.07
56881402	2025.03.21 22:12:47	sell	0.02	xauusd	3022.10	0.00	0.00	2025.03.21 22:31:20	3021.05	-0.02	0.00	0.00	2.10
56882018	2025.03.21 22:33:15	buy	0.01	xauusd	3018.64	0.00	0.00	2025.03.21 22:47:59	3019.70	-0.01	0.00	0.00	1.06
56882540	2025.03.21 22:50:31	sell	0.01	xauusd	3020.77	0.00	0.00	2025.03.21 23:05:12	3019.69	-0.01	0.00	0.00	1.08
56883117	2025.03.21 23:07:40	buy	0.02	xauusd	3017.90	0.00	0.00	2025.03.21 23:24:18	3018.92	-0.02	0.00	0.00	2.04
56883672	2025.03.21 23:26:05	sell	0.01	xauusd	3019.35	0.00	0.00	2025.03.21 23:41:50	3018.28	-0.01	0.00	0.00	1.07
56884203	2025.03.24 01:02:11	buy	0.01	xauusd	3024.12	0.00	0.00	2025.03.24 01:19:44	3025.20	-0.01	0.00	0.00	1.08
56884790	2025.03.24 01:21:36	sell	0.02	xauusd	3026.40	0.00	0.00	2025.03.24 01:40:02	3025.38	-0.02	0.00	0.00	2.04
56885334	2025.03.24 01:42:27	buy	0.01	xauusd	3023.55	0.00	0.00	2025.03.24 01:58:13	3024.61	-0.01	0.00	0.00	1.06
56885911	2025.03.24 02:00:48	sell	0.01	xauusd	3025.73	0.00	0.00	2025.03.24 02:17:30	3024.66	-0.01	0.00	0.00	1.07
56879577	2025.03.21 21:21:22	buy	0.01	xauusd	3020.20	0.00	0.00	2025.03.21 21:38:12	3021.20	-0.01	0.00	0.00	1.00
56880361	2025.03.21 21:39:05	sell	0.01	xauusd	3021.50	0.00	0.00	2025.03.21 21:52:44	3020.41	-0.01	0.00	0.00	1.09
56880933	2025.03.21 21:55:10	buy	0.01	xauusd	3019.88	0.00	0.00	2025.03.21 22:10:03	3020.95	-0.01	0.00	0.00	1.07
56881402	2025.03.21 22:12:47	sell	0.02	xauusd	3022.10	0.00	0.00	2025.03.21 22:31:20	3021.05	-0.02	0.00	0.00	2.10
56882018	2025.03.21 22:33:15	buy	0.01	xauusd	3018.64	0.00	0.00	2025.03.21 22:47:59	3019.70	-0.01	0.00	0.00	1.06
56882540	2025.03.21 22:50:31	sell	0.01	xauusd	3020.77	0.00	0.00	2025.03.21 23:05:12	3019.69	-0.01	0.00	0.00	1.08
56883117	2025.03.21 23:07:40	buy	0.02	xauusd	3017.90	0.00	0.00	2025.03.21 23:24:18	3018.92	-0.02	0.00	0.00	2.04
56883672	2025.03.21 23:26:05	sell	0.01	xauusd	3019.35	0.00	0.00	2025.03.21 23:41:50	3018.28	-0.01	0.00	0.00	1.07
56884203	2025.03.24 01:02:11	buy	0.01	xauusd	3024.12	0.00	0.00	2025.03.24 01:19:44	3025.20	-0.01	0.00	0.00	1.08
56884790	2025.03.24 01:21:36	sell	0.02	xauusd	3026.40	0.00	0.00	2025.03.24 01:40:02	3025.38	-0.02	0.00	0.00	2.04
56885334	2025.03.24 01:42:27	buy	0.01	xauusd	3023.55	0.00	0.00	2025.03.24 01:58:13	3024.61	-0.01	0.00	0.00	1.06
56885911	2025.03.24 02:00:48	sell	0.01	xauusd	3025.73	0.00	0.00	2025.03.24 02:17:30	3024.66	-0.01	0.00	0.00	1.07
56879577	2025.03.21 21:21:22	buy	0.01	xauusd	3020.20	0.00	0.00	2025.03.21 21:38:12	3021.20	-0.01	0.00	0.00	1.00
56880361	2025.03.21 21:39:05	sell	0.01	xauusd	3021.50	0.00	0.00	2025.03.21 21:52:44	3020.41	-0.01	0.00	0.00	1.09
56880933	2025.03.21 21:55:10	buy	0.01	xauusd	3019.88	0.00	0.00	2025.03.21 22:10:03	3020.95	-0.01	0.00	0.00	1.07
56881402	2025.03.21 22:12:47	sell	0.02	xauusd	3022.10	0.00	0.00	2025.03.21 22:31:20	3021.05	-0.02	0.00	0.00	2.10
56882018	2025.03.21 22:33:15	buy	0.01	xauusd	3018.64	0.00	0.00	2025.03.21 22:47:59	3019.70	-0.01	0.00	0.00	1.06
56882540	2025.03.21 22:50:31	sell	0.01	xauusd	3020.77	0.00	0.00	2025.03.21 23:05:12	3019.69	-0.01	0.00	0.00	1.08
56883117	2025.03.21 23:07:40	buy	0.02	xauusd	3017.90	0.00	0.00	2025.03.21 23:24:18	3018.92	-0.02	0.00	0.00	2.04
56883672	2025.03.21 23:26:05	sell	0.01	xauusd	3019.35	0.00	0.00	2025.03.21 23:41:50	3018.28	-0.01	0.00	0.00	1.07
56884203	2025.03.24 01:02:11	buy	0.01	xauusd	3024.12	0.00	0.00	2025.03.24 01:19:44	3025.20	-0.01	0.00	0.00	1.08
56884790	2025.03.24 01:21:36	sell	0.02	xauusd	3026.40	0.00	0.00	2025.03.24 01:40:02	3025.38	-0.02	0.00	0.00	2.04
56885334	2025.03.24 01:42:27	buy	0.01	xauusd	3023.55	0.00	0.00	2025.03.24 01:58:13	3024.61	-0.01	0.00	0.00	1.06
56885911	2025.03.24 02:00:48	sell	0.01	xauusd	3025.73	0.00	0.00	2025.03.24 02:17:30	3024.66	-0.01	0.00	0.00	1.07
56879577	2025.03.21 21:21:22	buy	0.01	xauusd	3020.20	0.00	0.00	2025.03.21 21:38:12	3021.20	-0.01	0.00	0.00	1.00
56880361	2025.03.21 21:39:05	sell	0.01	xauusd	3021.50	0.00	0.00	2025.03.21 21:52:44	3020.41	-0.01	0.00	0.00	1.09
56880933	2025.03.21 21:55:10	buy	0.01	xauusd	3019.88	0.00	0.00	2025.03.21 22:10:03	3020.95	-0.01	0.00	0.00	1.07
56881402	2025.03.21 22:12:47	sell	0.02	xauusd	3022.10	0.00	0.00	2025.03.21 22:31:20	3021.05	-0.02	0.00	0.00	2.10
56882018	2025.03.21 22:33:15	buy	0.01	xauusd	3018.64	0.00	0.00	2025.03.21 22:47:59	3019.70	-0.01	0.00	0.00	1.06
56882540	2025.03.21 22:50:31	sell	0.01	xauusd	3020.77	0.00	0.00	2025.03.21 23:05:12	3019.69	-0.01	0.00	0.00	1.08
56883117	2025.03.21 23:07:40	buy	0.02	xauusd	3017.90	0.00	0.00	2025.03.21 23:24:18	3018.92	-0.02	0.00	0.00	2.04
56883672	2025.03.21 23:26:05	sell	0.01	xauusd	3019.35	0.00	0.00	2025.03.21 23:41:50	3018.28	-0.01	0.00	0.00	1.07
56884203	2025.03.24 01:02:11	buy	0.01	xauusd	3024.12	0.00	0.00	2025.03.24 01:19:44	3025.20	-0.01	0.00	0.00	1.08
56884790	2025.03.24 01:21:36	sell	0.02	xauusd	3026.40	0.00	0.00	2025.03.24 01:40:02	3025.38	-0.02	0.00	0.00	2.04
56885334	2025.03.24 01:42:27	buy	0.01	xauusd	3023.55	0.00	0.00	2025.03.24 01:58:13	3024.61	-0.01	0.00	0.00	1.06
56885911	2025.03.24 02:00:48	sell	0.01	xauusd	3025.73	0.00	0.00	2025.03.24 02:17:30	3024.66	-0.01	0.00	0.00	1.07
56879577	2025.03.21 21:21:22	buy	0.01	xauusd	3020.20	0.00	0.00	2025.03.21 21:38:12	3021.20	-0.01	0.00	0.00	1.00
56880361	2025.03.21 21:39:05	sell	0.01	xauusd	3021.50	0.00	0.00	2025.03.21 21:52:44	3020.41	-0.01	0.00	0.00	1.09
56880933	2025.03.21 21:55:10	buy	0.01	xauusd	3019.88	0.00	0.00	2025.03.21 22:10:03	3020.95	-0.01	0.00	0.00	1.07
56881402	2025.03.21 22:12:47	sell	0.02	xauusd	3022.10	0.00	0.00	2025.03.21 22:31:20	3021.05	-0.02	0.00	0.00	2.10
56882018	2025.03.21 22:33:15	buy	0.01	xauusd	3018.64	0.00	0.00	2025.03.21 22:47:59	3019.70	-0.01	0.00	0.00	1.06
56882540	2025.03.21 22:50:31	sell	0.01	xauusd	3020.77	0.00	0.00	2025.03.21 23:05:12	3019.69	-0.01	0.00	0.00	1.08
56883117	2025.03.21 23:07:40	buy	0.02	xauusd	3017.90	0.00	0.00	2025.03.21 23:24:18	3018.92	-0.02	0.00	0.00	2.04
56883672	2025.03.21 23:26:05	sell	0.01	xauusd	3019.35	0.00	0.00	2025.03.21 23:41:50	3018.28	-0.01	0.00	0.00	1.07
56884203	2025.03.24 01:02:11	buy	0.01	xauusd	3024.12	0.00	0.00	2025.03.24 01:19:44	3025.20	-0.01	0.00	0.00	1.08
56884790	2025.03.24 01:21:36	sell	0.02	xauusd	3026.40	0.00	0.00	2025.03.24 01:40:02	3025.38	-0.02	0.00	0.00	2.04
56885334	2025.03.24 01:42:27	buy	0.01	xauusd	3023.55	0.00	0.00	2025.03.24 01:58:13	3024.61	-0.01	0.00	0.00	1.06
56885911	2025.03.24 02:00:48	sell	0.01	xauusd	3025.73	0.00	0.00	2025.03.24 02:17:30	3024.66	-0.01	0.00	0.00	1.07
56879577	2025.03.21 21:21:22	buy	0.01	xauusd	3020.20	0.00	0.00	2025.03.21 21:38:12	3021.20	-0.01	0.00	0.00	1.00
56880361	2025.03.21 21:39:05	sell	0.01	xauusd	3021.50	0.00	0.00	2025.03.21 21:52:44	3020.41	-0.01	0.00	0.00	1.09
56880933	2025.03.21 21:55:10	buy	0.01	xauusd	3019.88	0.00	0.00	2025.03.21 22:10:03	3020.95	-0.01	0.00	0.00	1.07
56881402	2025.03.21 22:12:47	sell	0.02	xauusd	3022.10	0.00	0.00	2025.03.21 22:31:20	3021.05	-0.02	0.00	0.00	2.10
56882018	2025.03.21 22:33:15	buy	0.01	xauusd	3018.64	0.00	0.00	2025.03.21 22:47:59	3019.70	-0.01	0.00	0.00	1.06
56882540	2025.03.21 22:50:31	sell	0.01	xauusd	3020.77	0.00	0.00	2025.03.21 23:05:12	3019.69	-0.01	0.00	0.00	1.08
56883117	2025.03.21 23:07:40	buy	0.02	xauusd	3017.90	0.00	0.00	2025.03.21 23:24:18	3018.92	-0.02	0.00	0.00	2.04
56883672	2025.03.21 23:26:05	sell	0.01	xauusd	3019.35	0.00	0.00	2025.03.21 23:41:50	3018.28	-0.01	0.00	0.00	1.07
56884203	2025.03.24 01:02:11	buy	0.01	xauusd	3024.12	0.00	0.00	2025.03.24 01:19:44	3025.20	-0.01	0.00	0.00	1.08
56884790	2025.03.24 01:21:36	sell	0.02	xauusd	3026.40	0.00	0.00	2025.03.24 01:40:02	3025.38	-0.02	0.00	0.00	2.04
56885334	2025.03.24 01:42:27	buy	0.01	xauusd	3023.55	0.00	0.00	2025.03.24 01:58:13	3024.61	-0.01	0.00	0.00	1.06
56885911	2025.03.24 02:00:48	sell	0.01	xauusd	3025.73	0.00	0.00	2025.03.24 02:17:30	3024.66	-0.01	0.00	0.00	1.07
56879577	2025.03.21 21:21:22	buy	0.01	xauusd	3020.20	0.00	0.00	2025.03.21 21:38:12	3021.20	-0.01	0.00	0.00	1.00
56880361	2025.03.21 21:39:05	sell	0.01	xauusd	3021.50	0.00	0.00	2025.03.21 21:52:44	3020.41	-0.01	0.00	0.00	1.09
56880933	2025.03.21 21:55:10	buy	0.01	xauusd	3019.88	0.00	0.00	2025.03.21 22:10:03	3020.95	-0.01	0.00	0.00	1.07
56881402	2025.03.21 22:12:47	sell	0.02	xauusd	3022.10	0.00	0.00	2025.03.21 22:31:20	3021.05	-0.02	0.00	0.00	2.10
56882018	2025.03.21 22:33:15	buy	0.01	xauusd	3018.64	0.00	0.00	2025.03.21 22:47:59	3019.70	-0.01	0.00	0.00	1.06
56882540	2025.03.21 22:50:31	sell	0.01	xauusd	3020.77	0.00	0.00	2025.03.21 23:05:12	3019.69	-0.01	0.00	0.00	1.08
56883117	2025.03.21 23:07:40	buy	0.02	xauusd	3017.90	0.00	0.00	2025.03.21 23:24:18	3018.92	-0.02	0.00	0.00	2.04
56883672	2025.03.21 23:26:05	sell	0.01	xauusd	3019.35	0.00	0.00	2025.03.21 23:41:50	3018.28	-0.01	0.00	0.00	1.07
56884203	2025.03.24 01:02:11	buy	0.01	xauusd	3024.12	0.00	0.00	2025.03.24 01:19:44	3025.20	-0.01	0.00	0.00	1.08
56884790	2025.03.24 01:21:36	sell	0.02	xauusd	3026.40	0.00	0.00	2025.03.24 01:40:02	3025.38	-0.02	0.00	0.00	2.04
56885334	2025.03.24 01:42:27	buy	0.01	xauusd	3023.55	0.00	0.00	2025.03.24 01:58:13	3024.61	-0.01	0.00	0.00	1.06
56885911	2025.03.24 02:00:48	sell	0.01	xauusd	3025.73	0.00	0.00	2025.03.24 02:17:30	3024.66	-0.01	0.00	0.00	1.07
56879577	2025.03.21 21:21:22	buy	0.01	xauusd	3020.20	0.00	0.00	2025.03.21 21:38:12	3021.20	-0.01	0.00	0.00	1.00
56880361	2025.03.21 21:39:05	sell	0.01	xauusd	3021.50	0.00	0.00	2025.03.21 21:52:44	3020.41	-0.01	0.00	0.00	1.09
56880933	2025.03.21 21:55:10	buy	0.01	xauusd	3019.88	0.00	0.00	2025.03.21 22:10:03	3020.95	-0.01	0.00	0.00	1.07
56881402	2025.03.21 22:12:47	sell	0.02	xauusd	3022.10	0.00	0.00	2025.03.21 22:31:20	3021.05	-0.02	0.00	0.00	2.10
56882018	2025.03.21 22:33:15	buy	0.01	xauusd	3018.64	0.00	0.00	2025.03.21 22:47:59	3019.70	-0.01	0.00	0.00	1.06
56882540	2025.03.21 22:50:31	sell	0.01	xauusd	3020.77	0.00	0.00	2025.03.21 23:05:12	3019.69	-0.01	0.00	0.00	1.08
56883117	2025.03.21 23:07:40	buy	0.02	xauusd	3017.90	0.00	0.00	2025.03.21 23:24:18	3018.92	-0.02	0.00	0.00	2.04
56883672	2025.03.21 23:26:05	sell	0.01	xauusd	3019.35	0.00	0.00	2025.03.21 23:41:50	3018.28	-0.01	0.00	0.00	1.07
56884203	2025.03.24 01:02:11	buy	0.01	xauusd	3024.12	0.00	0.00	2025.03.24 01:19:44	3025.20	-0.01	0.00	0.00	1.08
56884790	2025.03.24 01:21:36	sell	0.02	xauusd	3026.40	0.00	0.00	2025.03.24 01:40:02	3025.38	-0.02	0.00	0.00	2.04
56885334	2025.03.24 01:42:27	buy	0.01	xauusd	3023.55	0.00	0.00	2025.03.24 01:58:13	3024.61	-0.01	0.00	0.00	1.06
56885911	2025.03.24 02:00:48	sell	0.01	xauusd	3025.73	0.00	0.00	2025.03.24 02:17:30	3024.66	-0.01	0.00	0.00	1.07
56879577	2025.03.21 21:21:22	buy	0.01	xauusd	3020.20	0.00	0.00	2025.03.21 21:38:12	3021.20	-0.01	0.00	0.00	1.00
56880361	2025.03.21 21:39:05	sell	0.01	xauusd	3021.50	0.00	0.00	2025.03.21 21:52:44	3020.41	-0.01	0.00	0.00	1.09
56880933	2025.03.21 21:55:10	buy	0.01	xauusd	3019.88	0.00	0.00	2025.03.21 22:10:03	3020.95	-0.01	0.00	0.00	1.07
56881402	2025.03.21 22:12:47	sell	0.02	xauusd	3022.10	0.00	0.00	2025.03.21 22:31:20	3021.05	-0.02	0.00	0.00	2.10
56882018	2025.03.21 22:33:15	buy	0.01	xauusd	3018.64	0.00	0.00	2025.03.21 22:47:59	3019.70	-0.01	0.00	0.00	1.06
56882540	2025.03.21 22:50:31	sell	0.01	xauusd	3020.77	0.00	0.00	2025.03.21 23:05:12	3019.69	-0.01	0.00	0.00	1.08
56883117	2025.03.21 23:07:40	buy	0.02	xauusd	3017.90	0.00	0.00	2025.03.21 23:24:18	3018.92	-0.02	0.00	0.00	2.04
56883672	2025.03.21 23:26:05	sell	0.01	xauusd	3019.35	0.00	0.00	2025.03.21 23:41:50	3018.28	-0.01	0.00	0.00	1.07
56884203	2025.03.24 01:02:11	buy	0.01	xauusd	3024.12	0.00	0.00	2025.03.24 01:19:44	3025.20	-0.01	0.00	0.00	1.08
56884790	2025.03.24 01:21:36	sell	0.02	xauusd	3026.40	0.00	0.00	2025.03.24 01:40:02	3025.38	-0.02	0.00	0.00	2.04
56885334	2025.03.24 01:42:27	buy	0.01	xauusd	3023.55	0.00	0.00	2025.03.24 01:58:13	3024.61	-0.01	0.00	0.00	1.06
56885911	2025.03.24 02:00:48	sell	0.01	xauusd	3025.73	0.00	0.00	2025.03.24 02:17:30	3024.66	-0.01	0.00	0.00	1.07
56879577	2025.03.21 21:21:22	buy	0.01	xauusd	3020.20	0.00	0.00	2025.03.21 21:38:12	3021.20	-0.01	0.00	0.00	1.00
56880361	2025.03.21 21:39:05	sell	0.01	xauusd	3021.50	0.00	0.00	2025.03.21 21:52:44	3020.41	-0.01	0.00	0.00	1.09
56880933	2025.03.21 21:55:10	buy	0.01	xauusd	3019.88	0.00	0.00	2025.03.21 22:10:03	3020.95	-0.01	0.00	0.00	1.07
56881402	2025.03.21 22:12:47	sell	0.02	xauusd	3022.10	0.00	0.00	2025.03.21 22:31:20	3021.05	-0.02	0.00	0.00	2.10
56882018	2025.03.21 22:33:15	buy	0.01	xauusd	3018.64	0.00	0.00	2025.03.21 22:47:59	3019.70	-0.01	0.00	0.00	1.06
56882540	2025.03.21 22:50:31	sell	0.01	xauusd	3020.77	0.00	0.00	2025.03.21 23:05:12	3019.69	-0.01	0.00	0.00	1.08
56883117	2025.03.21 23:07:40	buy	0.02	xauusd	3017.90	0.00	0.00	2025.03.21 23:24:18	3018.92	-0.02	0.00	0.00	2.04
56883672	2025.03.21 23:26:05	sell	0.01	xauusd	3019.35	0.00	0.00	2025.03.21 23:41:50	3018.28	-0.01	0.00	0.00	1.07
56884203	2025.03.24 01:02:11	buy	0.01	xauusd	3024.12	0.00	0.00	2025.03.24 01:19:44	3025.20	-0.01	0.00	0.00	1.08
56884790	2025.03.24 01:21:36	sell	0.02	xauusd	3026.40	0.00	0.00	2025.03.24 01:40:02	3025.38	-0.02	0.00	0.00	2.04
56885334	2025.03.24 01:42:27	buy	0.01	xauusd	3023.55	0.00	0.00	2025.03.24 01:58:13	3024.61	-0.01	0.00	0.00	1.06
56885911	2025.03.24 02:00:48	sell	0.01	xauusd	3025.73	0.00	0.00	2025.03.24 02:17:30	3024.66	-0.01	0.00	0.00	1.07
56879577	2025.03.21 21:21:22	buy	0.01	xauusd	3020.20	0.00	0.00	2025.03.21 21:38:12	3021.20	-0.01	0.00	0.00	1.00
56880361	2025.03.21 21:39:05	sell	0.01	xauusd	3021.50	0.00	0.00	2025.03.21 21:52:44	3020.41	-0.01	0.00	0.00	1.09
56880933	2025.03.21 21:55:10	buy	0.01	xauusd	3019.88	0.00	0.00	2025.03.21 22:10:03	3020.95	-0.01	0.00	0.00	1.07
56881402	2025.03.21 22:12:47	sell	0.02	xauusd	3022.10	0.00	0.00	2025.03.21 22:31:20	3021.05	-0.02	0.00	0.00	2.10
56882018	2025.03.21 22:33:15	buy	0.01	xauusd	3018.64	0.00	0.00	2025.03.21 22:47:59	3019.70	-0.01	0.00	0.00	1.06
56882540	2025.03.21 22:50:31	sell	0.01	xauusd	3020.77	0.00	0.00	2025.03.21 23:05:12	3019.69	-0.01	0.00	0.00	1.08
56883117	2025.03.21 23:07:40	buy	0.02	xauusd	3017.90	0.00	0.00	2025.03.21 23:24:18	3018.92	-0.02	0.00	0.00	2.04
56883672	2025.03.21 23:26:05	sell	0.01	xauusd	3019.35	0.00	0.00	2025.03.21 23:41:50	3018.28	-0.01	0.00	0.00	1.07
56884203	2025.03.24 01:02:11	buy	0.01	xauusd	3024.12	0.00	0.00	2025.03.24 01:19:44	3025.20	-0.01	0.00	0.00	1.08
56884790	2025.03.24 01:21:36	sell	0.02	xauusd	3026.40	0.00	0.00	2025.03.24 01:40:02	3025.38	-0.02	0.00	0.00	2.04
56885334	2025.03.24 01:42:27	buy	0.01	xauusd	3023.55	0.00	0.00	2025.03.24 01:58:13	3024.61	-0.01	0.00	0.00	1.06
56885911	2025.03.24 02:00:48	sell	0.01	xauusd	3025.73	0.00	0.00	2025.03.24 02:17:30	3024.66	-0.01	0.00	0.00	1.07
56879577	2025.03.21 21:21:22	buy	0.01	xauusd	3020.20	0.00	0.00	2025.03.21 21:38:12	3021.20	-0.01	0.00	0.00	1.00
56880361	2025.03.21 21:39:05	sell	0.01	xauusd	3021.50	0.00	0.00	2025.03.21 21:52:44	3020.41	-0.01	0.00	0.00	1.09
56880933	2025.03.21 21:55:10	buy	0.01	xauusd	3019.88	0.00	0.00	2025.03.21 22:10:03	3020.95	-0.01	0.00	0.00	1.07
56881402	2025.03.21 22:12:47	sell	0.02	xauusd	3022.10	0.00	0.00	2025.03.21 22:31:20	3021.05	-0.02	0.00	0.00	2.10
56882018	2025.03.21 22:33:15	buy	0.01	xauusd	3018.64	0.00	0.00	2025.03.21 22:47:59	3019.70	-0.01	0.00	0.00	1.06
56882540	2025.03.21 22:50:31	sell	0.01	xauusd	3020.77	0.00	0.00	2025.03.21 23:05:12	3019.69	-0.01	0.00	0.00	1.08
56883117	2025.03.21 23:07:40	buy	0.02	xauusd	3017.90	0.00	0.00	2025.03.21 23:24:18	3018.92	-0.02	0.00	0.00	2.04
56883672	2025.03.21 23:26:05	sell	0.01	xauusd	3019.35	0.00	0.00	2025.03.21 23:41:50	3018.28	-0.01	0.00	0.00	1.07
56884203	2025.03.24 01:02:11	buy	0.01	xauusd	3024.12	0.00	0.00	2025.03.24 01:19:44	3025.20	-0.01	0.00	0.00	1.08
56884790	2025.03.24 01:21:36	sell	0.02	xauusd	3026.40	0.00	0.00	2025.03.24 01:40:02	3025.38	-0.02	0.00	0.00	2.04
56885334	2025.03.24 01:42:27	buy	0.01	xauusd	3023.55	0.00	0.00	2025.03.24 01:58:13	3024.61	-0.01	0.00	0.00	1.06
56885911	2025.03.24 02:00:48	sell	0.01	xauusd	3025.73	0.00	0.00	2025.03.24 02:17:30	3024.66	-0.01	0.00	0.00	1.07
56879577	2025.03.21 21:21:22	buy	0.01	xauusd	3020.20	0.00	0.00	2025.03.21 21:38:12	3021.20	-0.01	0.00	0.00	1.00
56880361	2025.03.21 21:39:05	sell	0.01	xauusd	3021.50	0.00	0.00	2025.03.21 21:52:44	3020.41	-0.01	0.00	0.00	1.09
56880933	2025.03.21 21:55:10	buy	0.01	xauusd	3019.88	0.00	0.00	2025.03.21 22:10:03	3020.95	-0.01	0.00	0.00	1.07
56881402	2025.03.21 22:12:47	sell	0.02	xauusd	3022.10	0.00	0.00	2025.03.21 22:31:20	3021.05	-0.02	0.00	0.00	2.10
56882018	2025.03.21 22:33:15	buy	0.01	xauusd	3018.64	0.00	0.00	2025.03.21 22:47:59	3019.70	-0.01	0.00	0.00	1.06
